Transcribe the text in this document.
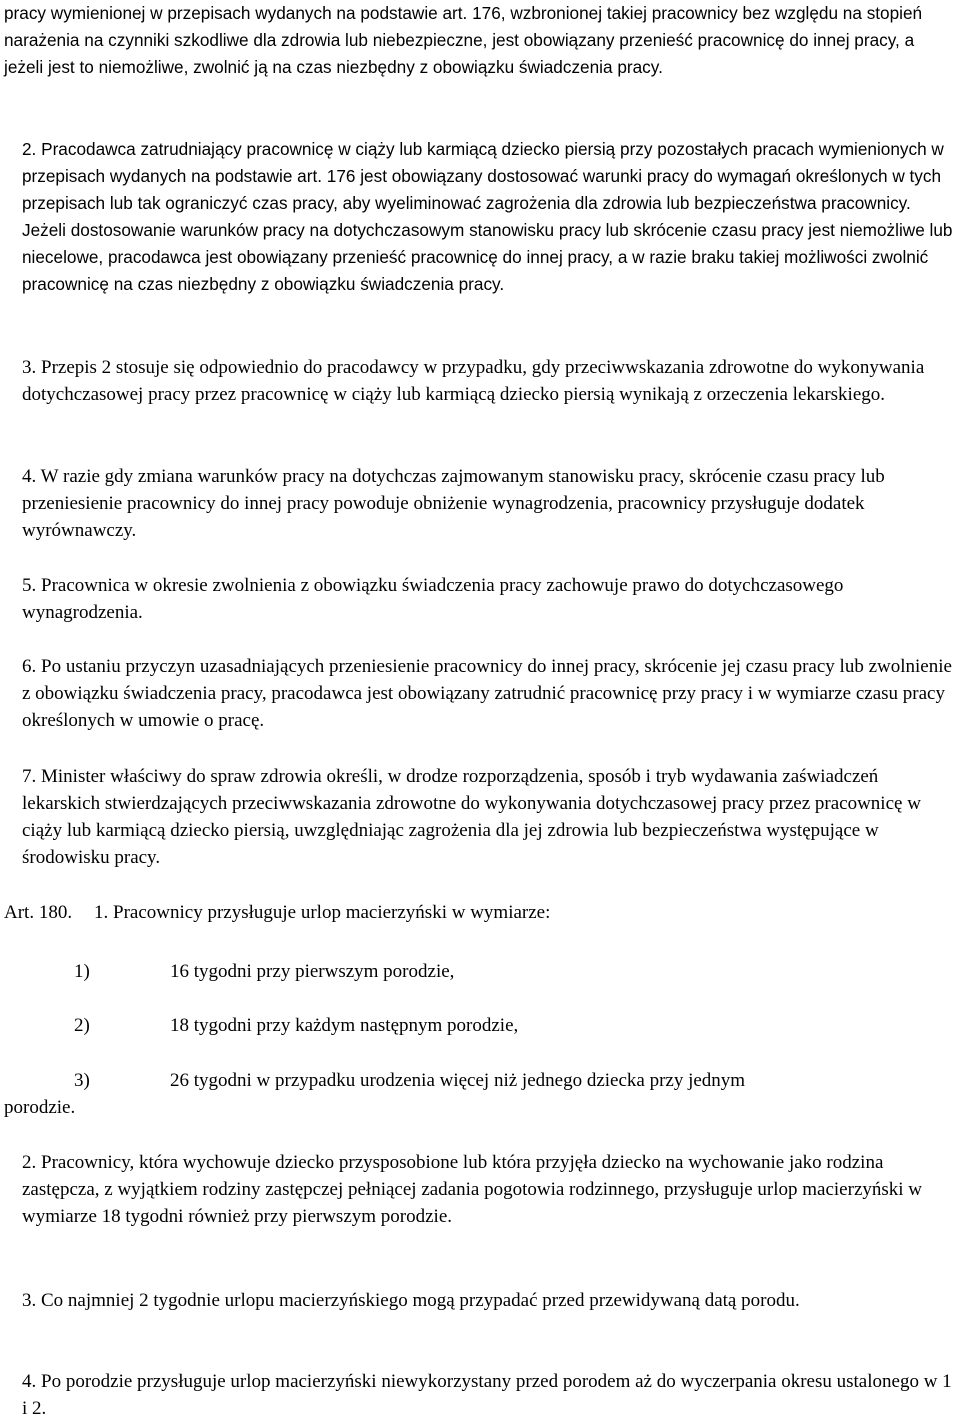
pracy wymienionej w przepisach wydanych na podstawie art. 176, wzbronionej takiej pracownicy bez względu na stopień narażenia na czynniki szkodliwe dla zdrowia lub niebezpieczne, jest obowiązany przenieść pracownicę do innej pracy, a jeżeli jest to niemożliwe, zwolnić ją na czas niezbędny z obowiązku świadczenia pracy.

2. Pracodawca zatrudniający pracownicę w ciąży lub karmiącą dziecko piersią przy pozostałych pracach wymienionych w przepisach wydanych na podstawie art. 176 jest obowiązany dostosować warunki pracy do wymagań określonych w tych przepisach lub tak ograniczyć czas pracy, aby wyeliminować zagrożenia dla zdrowia lub bezpieczeństwa pracownicy. Jeżeli dostosowanie warunków pracy na dotychczasowym stanowisku pracy lub skrócenie czasu pracy jest niemożliwe lub niecelowe, pracodawca jest obowiązany przenieść pracownicę do innej pracy, a w razie braku takiej możliwości zwolnić pracownicę na czas niezbędny z obowiązku świadczenia pracy.

3. Przepis 2 stosuje się odpowiednio do pracodawcy w przypadku, gdy przeciwwskazania zdrowotne do wykonywania dotychczasowej pracy przez pracownicę w ciąży lub karmiącą dziecko piersią wynikają z orzeczenia lekarskiego.

4. W razie gdy zmiana warunków pracy na dotychczas zajmowanym stanowisku pracy, skrócenie czasu pracy lub przeniesienie pracownicy do innej pracy powoduje obniżenie wynagrodzenia, pracownicy przysługuje dodatek wyrównawczy.

5. Pracownica w okresie zwolnienia z obowiązku świadczenia pracy zachowuje prawo do dotychczasowego wynagrodzenia.

6. Po ustaniu przyczyn uzasadniających przeniesienie pracownicy do innej pracy, skrócenie jej czasu pracy lub zwolnienie z obowiązku świadczenia pracy, pracodawca jest obowiązany zatrudnić pracownicę przy pracy i w wymiarze czasu pracy określonych w umowie o pracę.

7. Minister właściwy do spraw zdrowia określi, w drodze rozporządzenia, sposób i tryb wydawania zaświadczeń lekarskich stwierdzających przeciwwskazania zdrowotne do wykonywania dotychczasowej pracy przez pracownicę w ciąży lub karmiącą dziecko piersią, uwzględniając zagrożenia dla jej zdrowia lub bezpieczeństwa występujące w środowisku pracy.

Art. 180. 1. Pracownicy przysługuje urlop macierzyński w wymiarze:

1)	16 tygodni przy pierwszym porodzie,

2)	18 tygodni przy każdym następnym porodzie,

3)	26 tygodni w przypadku urodzenia więcej niż jednego dziecka przy jednym

porodzie.

2. Pracownicy, która wychowuje dziecko przysposobione lub która przyjęła dziecko na wychowanie jako rodzina zastępcza, z wyjątkiem rodziny zastępczej pełniącej zadania pogotowia rodzinnego, przysługuje urlop macierzyński w wymiarze 18 tygodni również przy pierwszym porodzie.

3. Co najmniej 2 tygodnie urlopu macierzyńskiego mogą przypadać przed przewidywaną datą porodu.

4. Po porodzie przysługuje urlop macierzyński niewykorzystany przed porodem aż do wyczerpania okresu ustalonego w 1 i 2.
